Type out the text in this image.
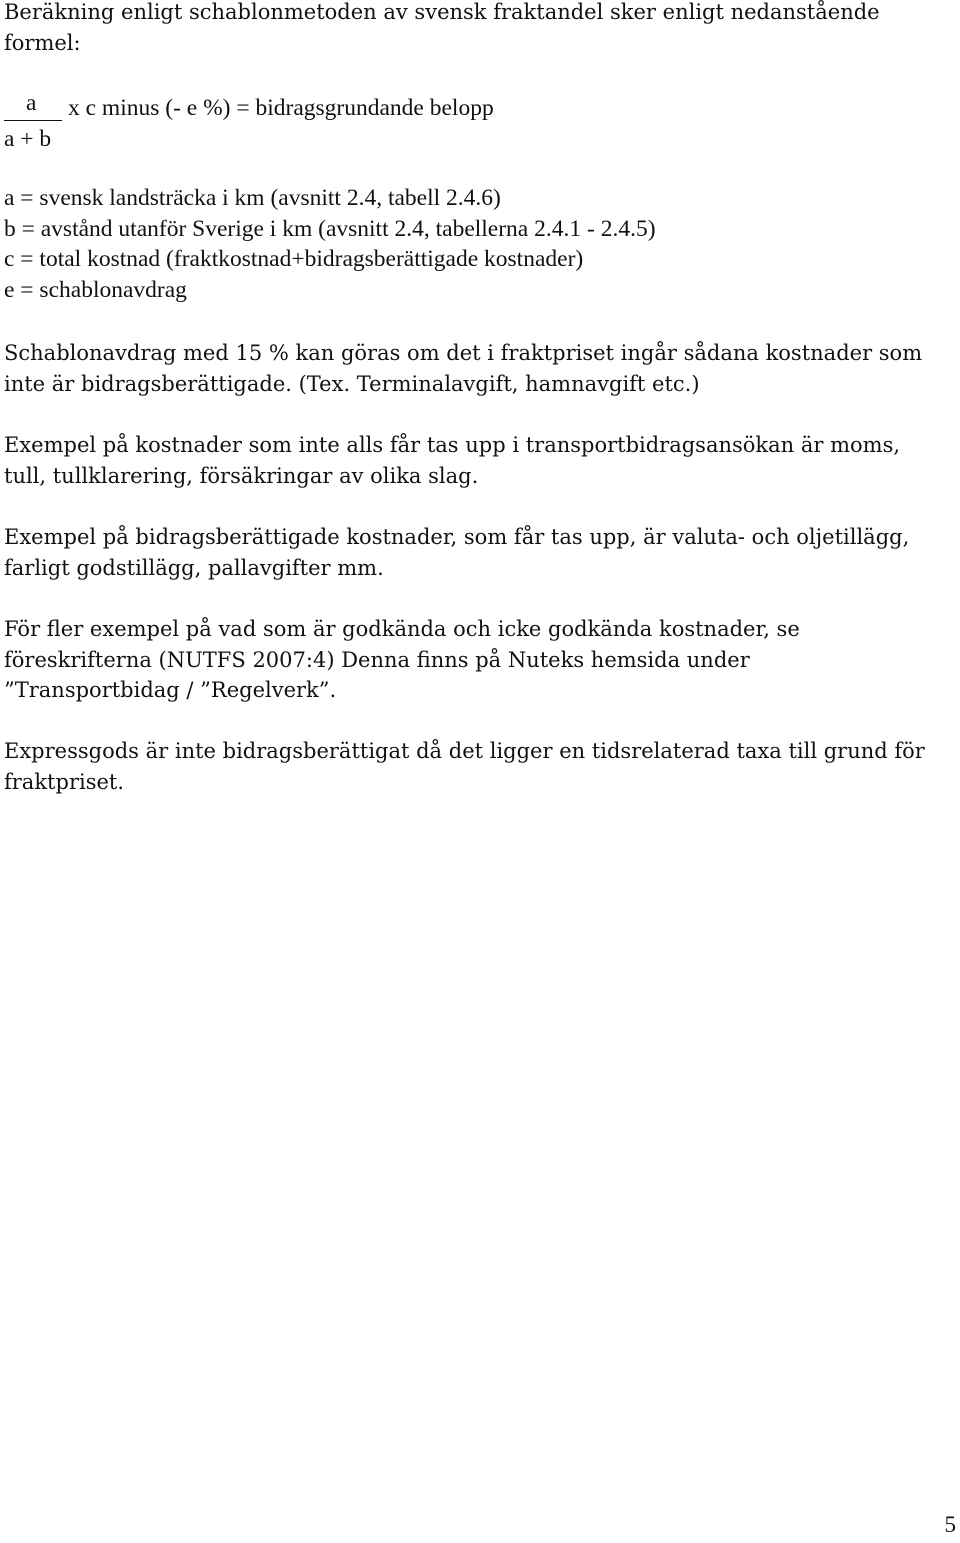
Beräkning enligt schablonmetoden av svensk fraktandel sker enligt nedanstående
formel:

a
a + b
x c minus (- e %) = bidragsgrundande belopp

a = svensk landsträcka i km (avsnitt 2.4, tabell 2.4.6)
b = avstånd utanför Sverige i km (avsnitt 2.4, tabellerna 2.4.1 - 2.4.5)
c = total kostnad (fraktkostnad+bidragsberättigade kostnader)
e = schablonavdrag

Schablonavdrag med 15 % kan göras om det i fraktpriset ingår sådana kostnader som
inte är bidragsberättigade. (Tex. Terminalavgift, hamnavgift etc.)

Exempel på kostnader som inte alls får tas upp i transportbidragsansökan är moms,
tull, tullklarering, försäkringar av olika slag.

Exempel på bidragsberättigade kostnader, som får tas upp, är valuta- och oljetillägg,
farligt godstillägg, pallavgifter mm.

För fler exempel på vad som är godkända och icke godkända kostnader, se
föreskrifterna (NUTFS 2007:4) Denna finns på Nuteks hemsida under
”Transportbidag / ”Regelverk”.

Expressgods är inte bidragsberättigat då det ligger en tidsrelaterad taxa till grund för
fraktpriset.

5
